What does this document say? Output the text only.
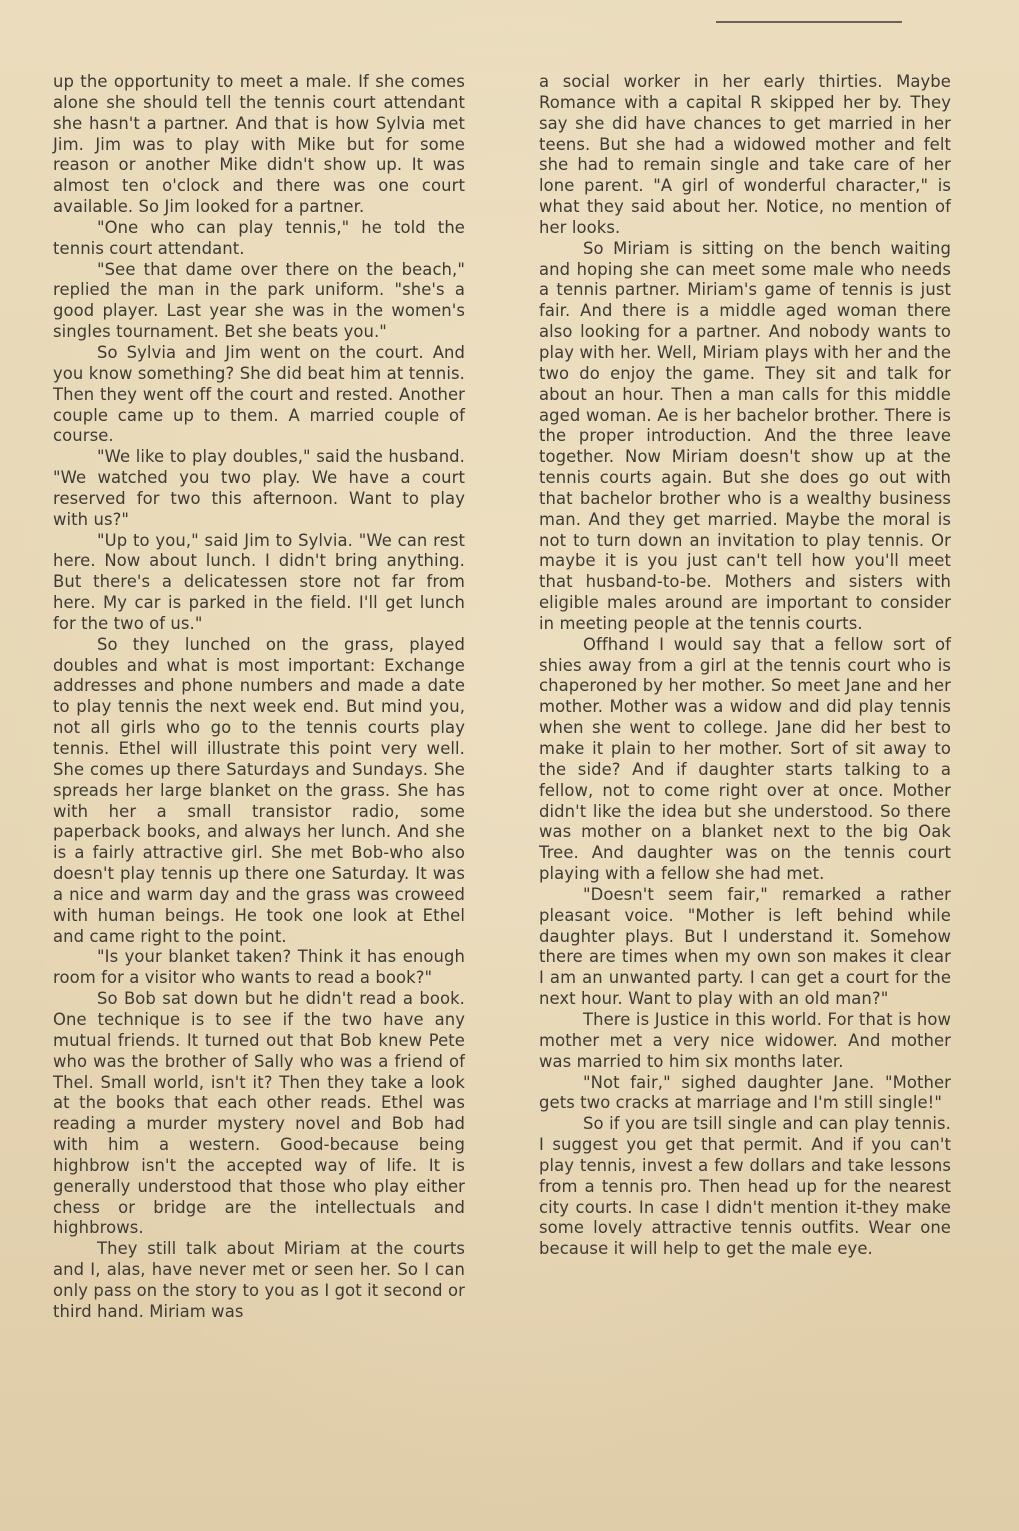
up the opportunity to meet a male. If she comes alone she should tell the tennis court attendant she hasn't a partner. And that is how Sylvia met Jim. Jim was to play with Mike but for some reason or another Mike didn't show up. It was almost ten o'clock and there was one court available. So Jim looked for a partner.

"One who can play tennis," he told the tennis court attendant.

"See that dame over there on the beach," replied the man in the park uniform. "she's a good player. Last year she was in the women's singles tournament. Bet she beats you."

So Sylvia and Jim went on the court. And you know something? She did beat him at tennis. Then they went off the court and rested. Another couple came up to them. A married couple of course.

"We like to play doubles," said the husband. "We watched you two play. We have a court reserved for two this afternoon. Want to play with us?"

"Up to you," said Jim to Sylvia. "We can rest here. Now about lunch. I didn't bring anything. But there's a delicatessen store not far from here. My car is parked in the field. I'll get lunch for the two of us."

So they lunched on the grass, played doubles and what is most important: Exchange addresses and phone numbers and made a date to play tennis the next week end. But mind you, not all girls who go to the tennis courts play tennis. Ethel will illustrate this point very well. She comes up there Saturdays and Sundays. She spreads her large blanket on the grass. She has with her a small transistor radio, some paperback books, and always her lunch. And she is a fairly attractive girl. She met Bob-who also doesn't play tennis up there one Saturday. It was a nice and warm day and the grass was croweed with human beings. He took one look at Ethel and came right to the point.

"Is your blanket taken? Think it has enough room for a visitor who wants to read a book?"

So Bob sat down but he didn't read a book. One technique is to see if the two have any mutual friends. It turned out that Bob knew Pete who was the brother of Sally who was a friend of Thel. Small world, isn't it? Then they take a look at the books that each other reads. Ethel was reading a murder mystery novel and Bob had with him a western. Good-because being highbrow isn't the accepted way of life. It is generally understood that those who play either chess or bridge are the intellectuals and highbrows.

They still talk about Miriam at the courts and I, alas, have never met or seen her. So I can only pass on the story to you as I got it second or third hand. Miriam was

a social worker in her early thirties. Maybe Romance with a capital R skipped her by. They say she did have chances to get married in her teens. But she had a widowed mother and felt she had to remain single and take care of her lone parent. "A girl of wonderful character," is what they said about her. Notice, no mention of her looks.

So Miriam is sitting on the bench waiting and hoping she can meet some male who needs a tennis partner. Miriam's game of tennis is just fair. And there is a middle aged woman there also looking for a partner. And nobody wants to play with her. Well, Miriam plays with her and the two do enjoy the game. They sit and talk for about an hour. Then a man calls for this middle aged woman. Ae is her bachelor brother. There is the proper introduction. And the three leave together. Now Miriam doesn't show up at the tennis courts again. But she does go out with that bachelor brother who is a wealthy business man. And they get married. Maybe the moral is not to turn down an invitation to play tennis. Or maybe it is you just can't tell how you'll meet that husband-to-be. Mothers and sisters with eligible males around are important to consider in meeting people at the tennis courts.

Offhand I would say that a fellow sort of shies away from a girl at the tennis court who is chaperoned by her mother. So meet Jane and her mother. Mother was a widow and did play tennis when she went to college. Jane did her best to make it plain to her mother. Sort of sit away to the side? And if daughter starts talking to a fellow, not to come right over at once. Mother didn't like the idea but she understood. So there was mother on a blanket next to the big Oak Tree. And daughter was on the tennis court playing with a fellow she had met.

"Doesn't seem fair," remarked a rather pleasant voice. "Mother is left behind while daughter plays. But I understand it. Somehow there are times when my own son makes it clear I am an unwanted party. I can get a court for the next hour. Want to play with an old man?"

There is Justice in this world. For that is how mother met a very nice widower. And mother was married to him six months later.

"Not fair," sighed daughter Jane. "Mother gets two cracks at marriage and I'm still single!"

So if you are tsill single and can play tennis. I suggest you get that permit. And if you can't play tennis, invest a few dollars and take lessons from a tennis pro. Then head up for the nearest city courts. In case I didn't mention it-they make some lovely attractive tennis outfits. Wear one because it will help to get the male eye.
